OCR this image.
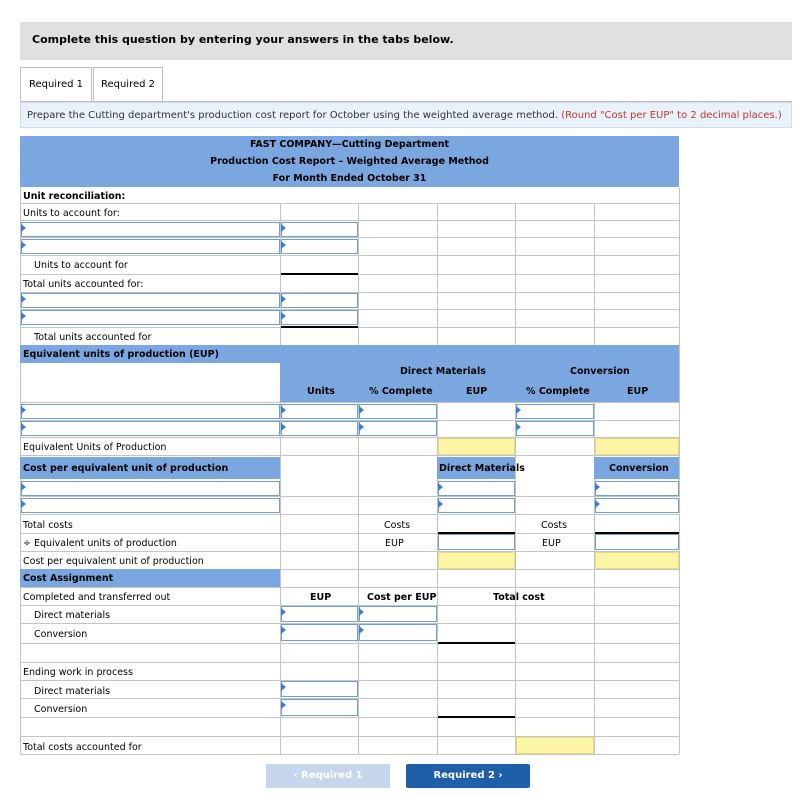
Complete this question by entering your answers in the tabs below.
Required 1	Required 2
Prepare the Cutting department's production cost report for October using the weighted average method. (Round "Cost per EUP" to 2 decimal places.)
FAST COMPANY—Cutting Department
Production Cost Report – Weighted Average Method
For Month Ended October 31
Unit reconciliation:
Units to account for:
Units to account for
Total units accounted for:
Total units accounted for
Equivalent units of production (EUP)
Direct Materials	Conversion
Units	% Complete	EUP	% Complete	EUP
Equivalent Units of Production
Cost per equivalent unit of production	Direct Materials	Conversion
Total costs	Costs	Costs
÷ Equivalent units of production	EUP	EUP
Cost per equivalent unit of production
Cost Assignment
Completed and transferred out	EUP	Cost per EUP	Total cost
Direct materials
Conversion
Ending work in process
Direct materials
Conversion
Total costs accounted for
‹ Required 1	Required 2 ›
